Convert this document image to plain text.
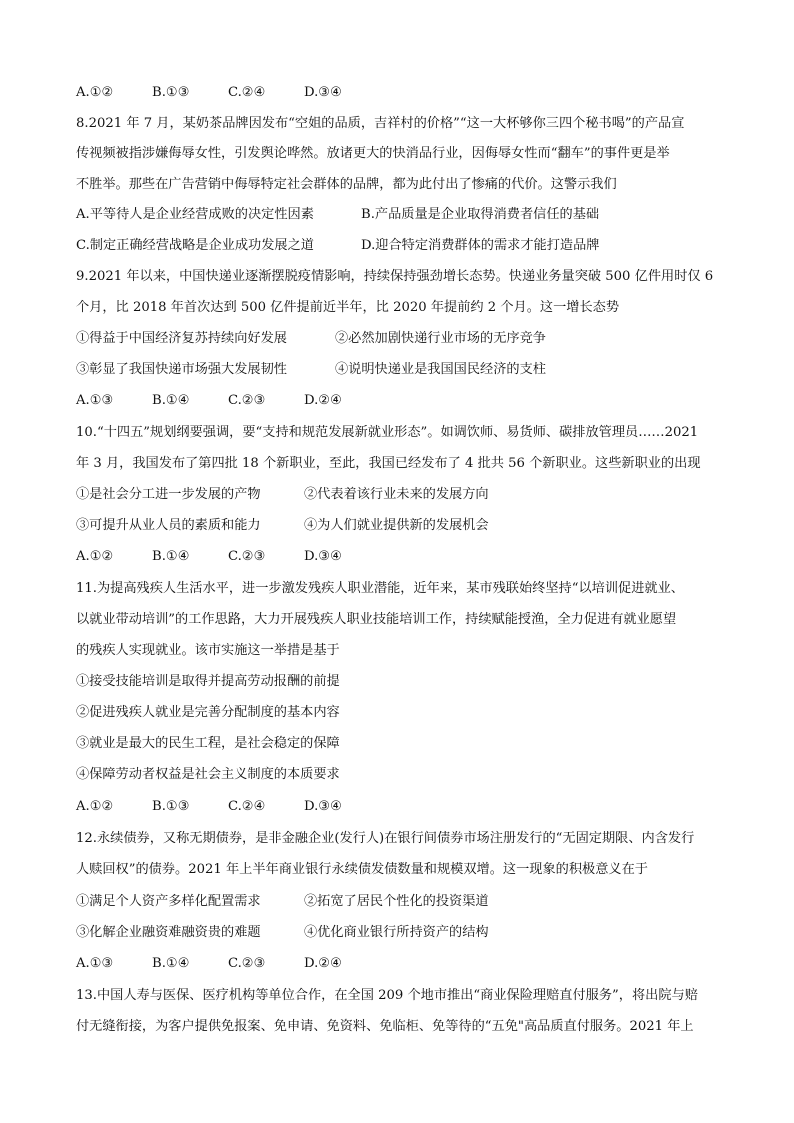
A.①②	B.①③	C.②④	D.③④
8.2021 年 7 月，某奶茶品牌因发布“空姐的品质，吉祥村的价格”“这一大杯够你三四个秘书喝”的产品宣
传视频被指涉嫌侮辱女性，引发舆论哗然。放诸更大的快消品行业，因侮辱女性而“翻车”的事件更是举
不胜举。那些在广告营销中侮辱特定社会群体的品牌，都为此付出了惨痛的代价。这警示我们
A.平等待人是企业经营成败的决定性因素	B.产品质量是企业取得消费者信任的基础
C.制定正确经营战略是企业成功发展之道	D.迎合特定消费群体的需求才能打造品牌
9.2021 年以来，中国快递业逐渐摆脱疫情影响，持续保持强劲增长态势。快递业务量突破 500 亿件用时仅 6
个月，比 2018 年首次达到 500 亿件提前近半年，比 2020 年提前约 2 个月。这一增长态势
①得益于中国经济复苏持续向好发展	②必然加剧快递行业市场的无序竞争
③彰显了我国快递市场强大发展韧性	④说明快递业是我国国民经济的支柱
A.①③	B.①④	C.②③	D.②④
10.“十四五”规划纲要强调，要“支持和规范发展新就业形态”。如调饮师、易货师、碳排放管理员……2021
年 3 月，我国发布了第四批 18 个新职业，至此，我国已经发布了 4 批共 56 个新职业。这些新职业的出现
①是社会分工进一步发展的产物	②代表着该行业未来的发展方向
③可提升从业人员的素质和能力	④为人们就业提供新的发展机会
A.①②	B.①④	C.②③	D.③④
11.为提高残疾人生活水平，进一步激发残疾人职业潜能，近年来，某市残联始终坚持“以培训促进就业、
以就业带动培训”的工作思路，大力开展残疾人职业技能培训工作，持续赋能授渔，全力促进有就业愿望
的残疾人实现就业。该市实施这一举措是基于
①接受技能培训是取得并提高劳动报酬的前提
②促进残疾人就业是完善分配制度的基本内容
③就业是最大的民生工程，是社会稳定的保障
④保障劳动者权益是社会主义制度的本质要求
A.①②	B.①③	C.②④	D.③④
12.永续债券，又称无期债券，是非金融企业(发行人)在银行间债券市场注册发行的“无固定期限、内含发行
人赎回权”的债券。2021 年上半年商业银行永续债发债数量和规模双增。这一现象的积极意义在于
①满足个人资产多样化配置需求	②拓宽了居民个性化的投资渠道
③化解企业融资难融资贵的难题	④优化商业银行所持资产的结构
A.①③	B.①④	C.②③	D.②④
13.中国人寿与医保、医疗机构等单位合作，在全国 209 个地市推出“商业保险理赔直付服务”，将出院与赔
付无缝衔接，为客户提供免报案、免申请、免资料、免临柜、免等待的“五免"高品质直付服务。2021 年上
